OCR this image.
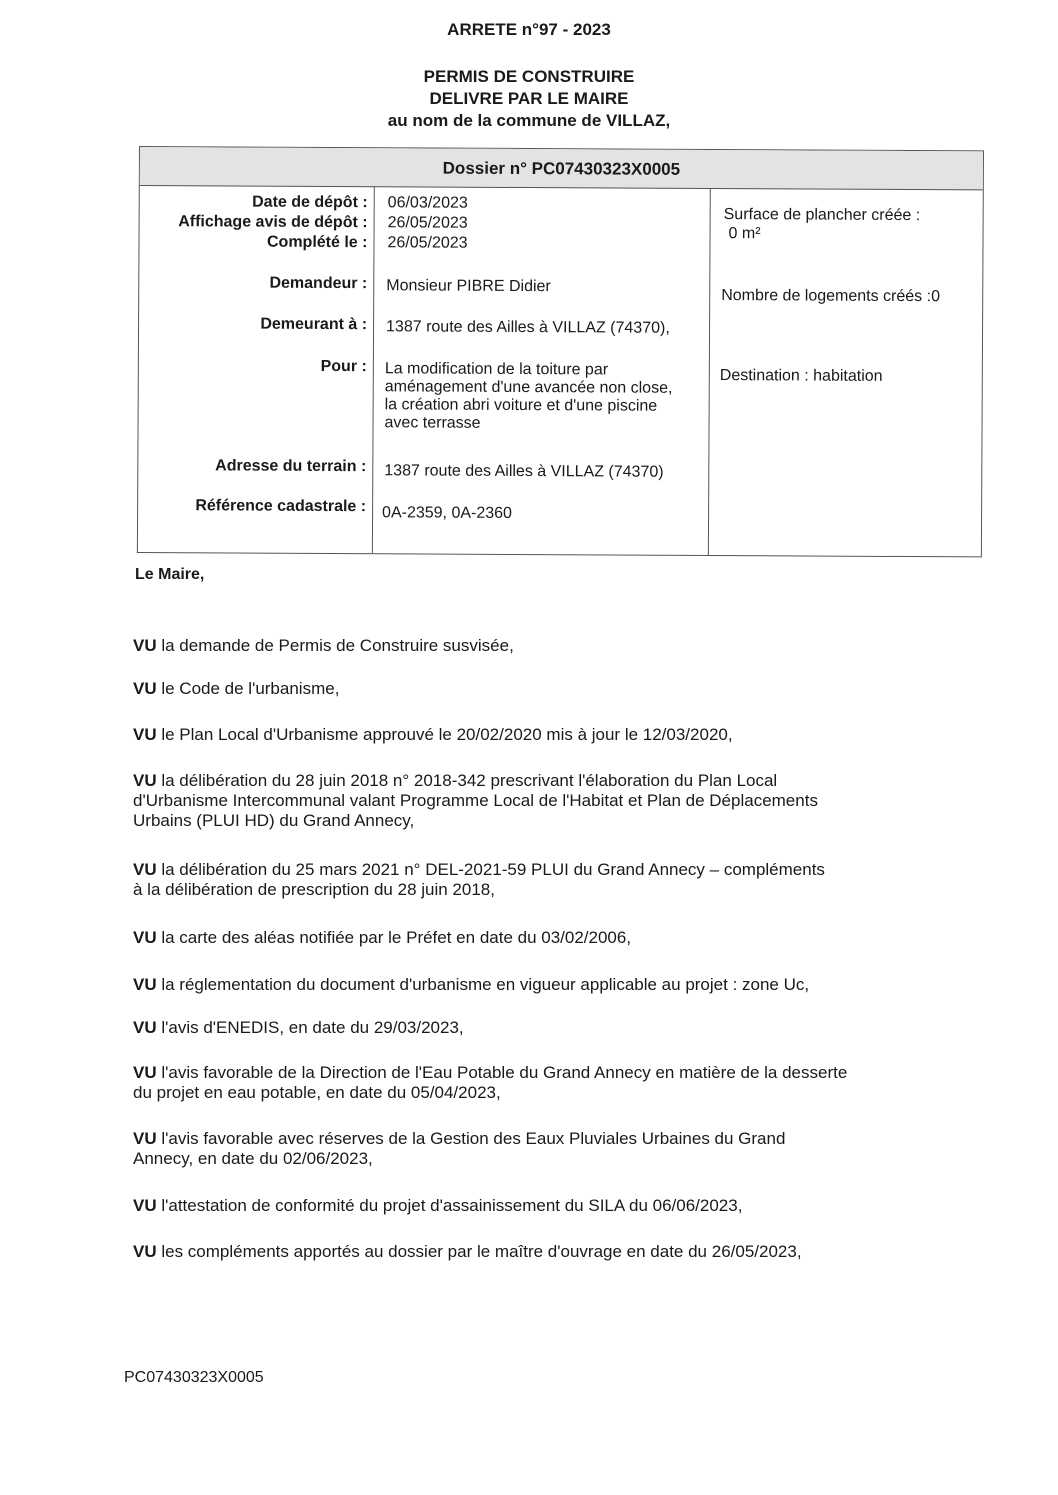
ARRETE n°97 - 2023
PERMIS DE CONSTRUIRE
DELIVRE PAR LE MAIRE
au nom de la commune de VILLAZ,
Dossier n° PC07430323X0005
Date de dépôt :
Affichage avis de dépôt :
Complété le :
Demandeur :
Demeurant à :
Pour :
Adresse du terrain :
Référence cadastrale :
06/03/2023
26/05/2023
26/05/2023
Monsieur PIBRE Didier
1387 route des Ailles à VILLAZ (74370),
La modification de la toiture par
aménagement d'une avancée non close,
la création abri voiture et d'une piscine
avec terrasse
1387 route des Ailles à VILLAZ (74370)
0A-2359, 0A-2360
Surface de plancher créée :
0 m²
Nombre de logements créés :0
Destination : habitation
Le Maire,
VU la demande de Permis de Construire susvisée,
VU le Code de l'urbanisme,
VU le Plan Local d'Urbanisme approuvé le 20/02/2020 mis à jour le 12/03/2020,
VU la délibération du 28 juin 2018 n° 2018-342 prescrivant l'élaboration du Plan Local
d'Urbanisme Intercommunal valant Programme Local de l'Habitat et Plan de Déplacements
Urbains (PLUI HD) du Grand Annecy,
VU la délibération du 25 mars 2021 n° DEL-2021-59 PLUI du Grand Annecy – compléments
à la délibération de prescription du 28 juin 2018,
VU la carte des aléas notifiée par le Préfet en date du 03/02/2006,
VU la réglementation du document d'urbanisme en vigueur applicable au projet : zone Uc,
VU l'avis d'ENEDIS, en date du 29/03/2023,
VU l'avis favorable de la Direction de l'Eau Potable du Grand Annecy en matière de la desserte
du projet en eau potable, en date du 05/04/2023,
VU l'avis favorable avec réserves de la Gestion des Eaux Pluviales Urbaines du Grand
Annecy, en date du 02/06/2023,
VU l'attestation de conformité du projet d'assainissement du SILA du 06/06/2023,
VU les compléments apportés au dossier par le maître d'ouvrage en date du 26/05/2023,
PC07430323X0005
